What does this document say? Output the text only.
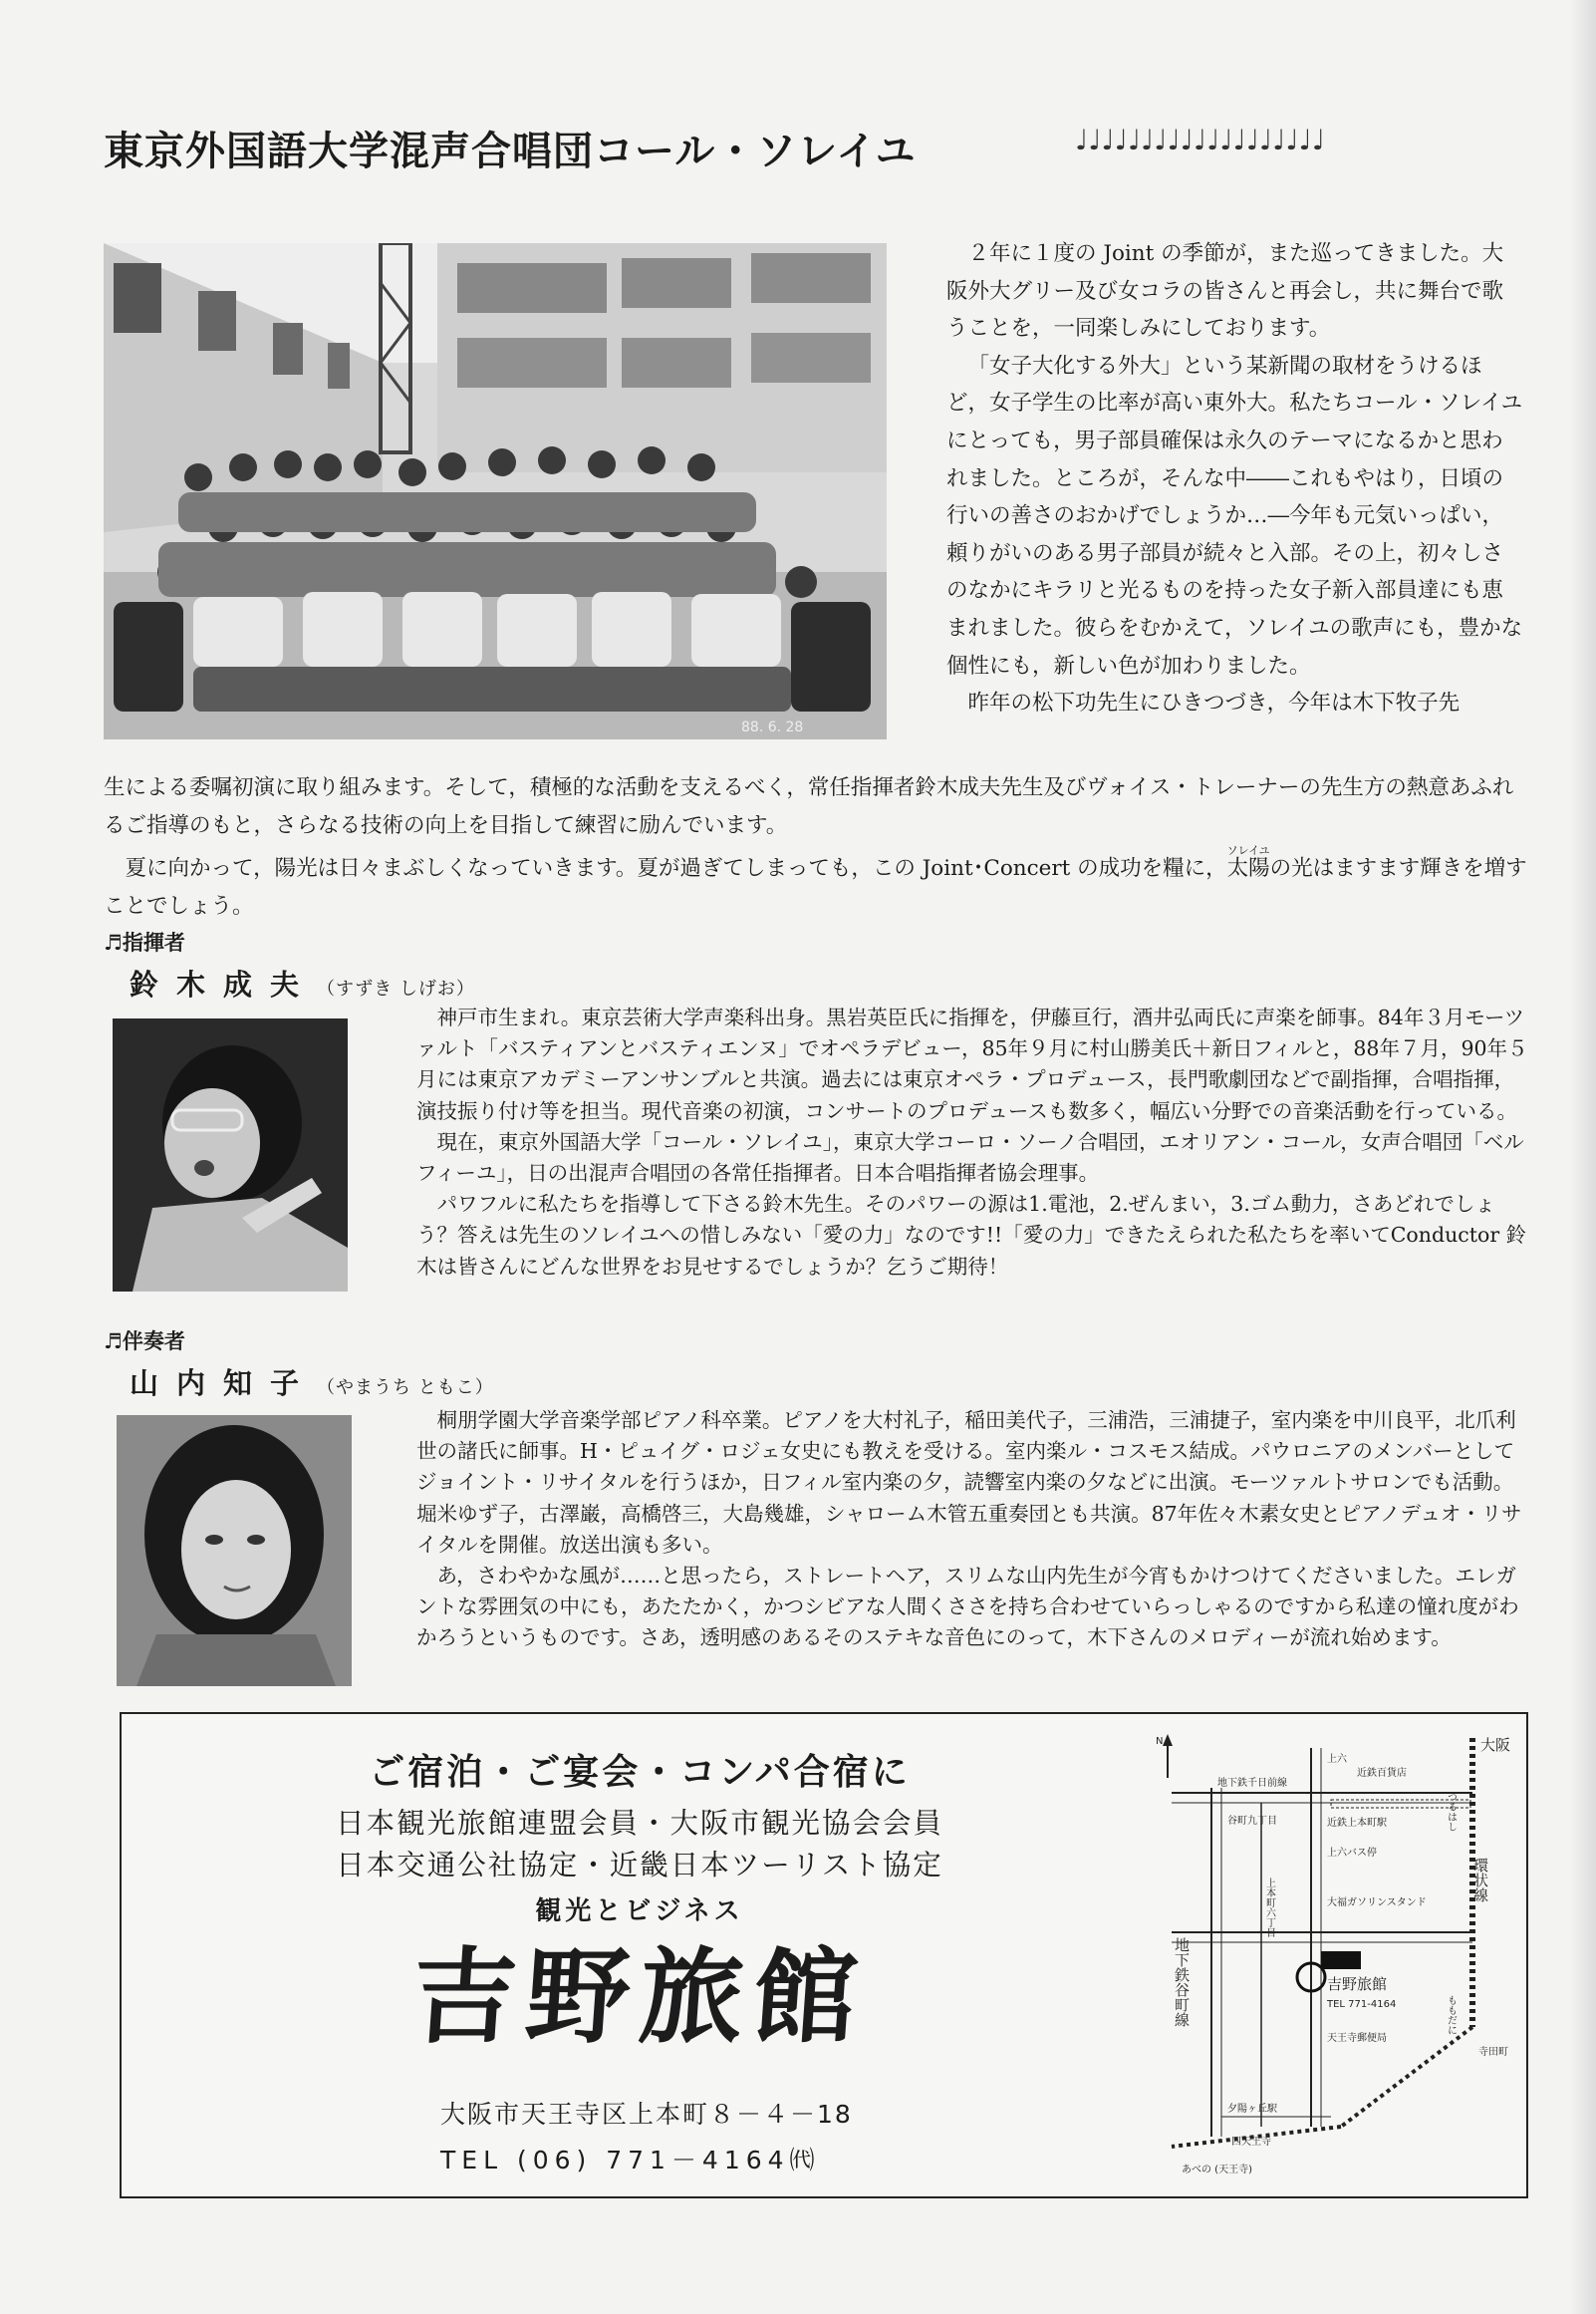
東京外国語大学混声合唱団コール・ソレイユ	♩♩♩♩♩♩♩♩♩♩♩♩♩♩♩♩♩♩♩
88. 6. 28

２年に１度の Joint の季節が，また巡ってきました。大阪外大グリー及び女コラの皆さんと再会し，共に舞台で歌うことを，一同楽しみにしております。

「女子大化する外大」という某新聞の取材をうけるほど，女子学生の比率が高い東外大。私たちコール・ソレイユにとっても，男子部員確保は永久のテーマになるかと思われました。ところが，そんな中――これもやはり，日頃の行いの善さのおかげでしょうか…―今年も元気いっぱい，頼りがいのある男子部員が続々と入部。その上，初々しさのなかにキラリと光るものを持った女子新入部員達にも恵まれました。彼らをむかえて，ソレイユの歌声にも，豊かな個性にも，新しい色が加わりました。

昨年の松下功先生にひきつづき，今年は木下牧子先

生による委嘱初演に取り組みます。そして，積極的な活動を支えるべく，常任指揮者鈴木成夫先生及びヴォイス・トレーナーの先生方の熱意あふれるご指導のもと，さらなる技術の向上を目指して練習に励んでいます。

夏に向かって，陽光は日々まぶしくなっていきます。夏が過ぎてしまっても，この Joint･Concert の成功を糧に，太陽ソレイユの光はますます輝きを増すことでしょう。

♬指揮者
鈴木成夫（すずき しげお）

神戸市生まれ。東京芸術大学声楽科出身。黒岩英臣氏に指揮を，伊藤亘行，酒井弘両氏に声楽を師事。84年３月モーツァルト「バスティアンとバスティエンヌ」でオペラデビュー，85年９月に村山勝美氏＋新日フィルと，88年７月，90年５月には東京アカデミーアンサンブルと共演。過去には東京オペラ・プロデュース，長門歌劇団などで副指揮，合唱指揮，演技振り付け等を担当。現代音楽の初演，コンサートのプロデュースも数多く，幅広い分野での音楽活動を行っている。

現在，東京外国語大学「コール・ソレイユ」，東京大学コーロ・ソーノ合唱団，エオリアン・コール，女声合唱団「ベルフィーユ」，日の出混声合唱団の各常任指揮者。日本合唱指揮者協会理事。

パワフルに私たちを指導して下さる鈴木先生。そのパワーの源は1.電池，2.ぜんまい，3.ゴム動力，さあどれでしょう？答えは先生のソレイユへの惜しみない「愛の力」なのです!!「愛の力」できたえられた私たちを率いてConductor 鈴木は皆さんにどんな世界をお見せするでしょうか？乞うご期待！

♬伴奏者
山内知子（やまうち ともこ）

桐朋学園大学音楽学部ピアノ科卒業。ピアノを大村礼子，稲田美代子，三浦浩，三浦捷子，室内楽を中川良平，北爪利世の諸氏に師事。H・ピュイグ・ロジェ女史にも教えを受ける。室内楽ル・コスモス結成。パウロニアのメンバーとしてジョイント・リサイタルを行うほか，日フィル室内楽の夕，読響室内楽の夕などに出演。モーツァルトサロンでも活動。堀米ゆず子，古澤巌，高橋啓三，大島幾雄，シャローム木管五重奏団とも共演。87年佐々木素女史とピアノデュオ・リサイタルを開催。放送出演も多い。

あ，さわやかな風が……と思ったら，ストレートヘア，スリムな山内先生が今宵もかけつけてくださいました。エレガントな雰囲気の中にも，あたたかく，かつシビアな人間くささを持ち合わせていらっしゃるのですから私達の憧れ度がわかろうというものです。さあ，透明感のあるそのステキな音色にのって，木下さんのメロディーが流れ始めます。

ご宿泊・ご宴会・コンパ合宿に

日本観光旅館連盟会員・大阪市観光協会会員

日本交通公社協定・近畿日本ツーリスト協定

観光とビジネス

吉野旅館

大阪市天王寺区上本町８－４－18
TEL (06) 771－4164㈹
N	大阪
環状線
つるはし
ももだに
寺田町
地下鉄千日前線
地下鉄谷町線
上六
近鉄百貨店
近鉄上本町駅
上六バス停
大福ガソリンスタンド
谷町九丁目
上本町六丁目
天王寺郵便局
吉野旅館
TEL 771-4164
夕陽ヶ丘駅
四天王寺
あべの (天王寺)
